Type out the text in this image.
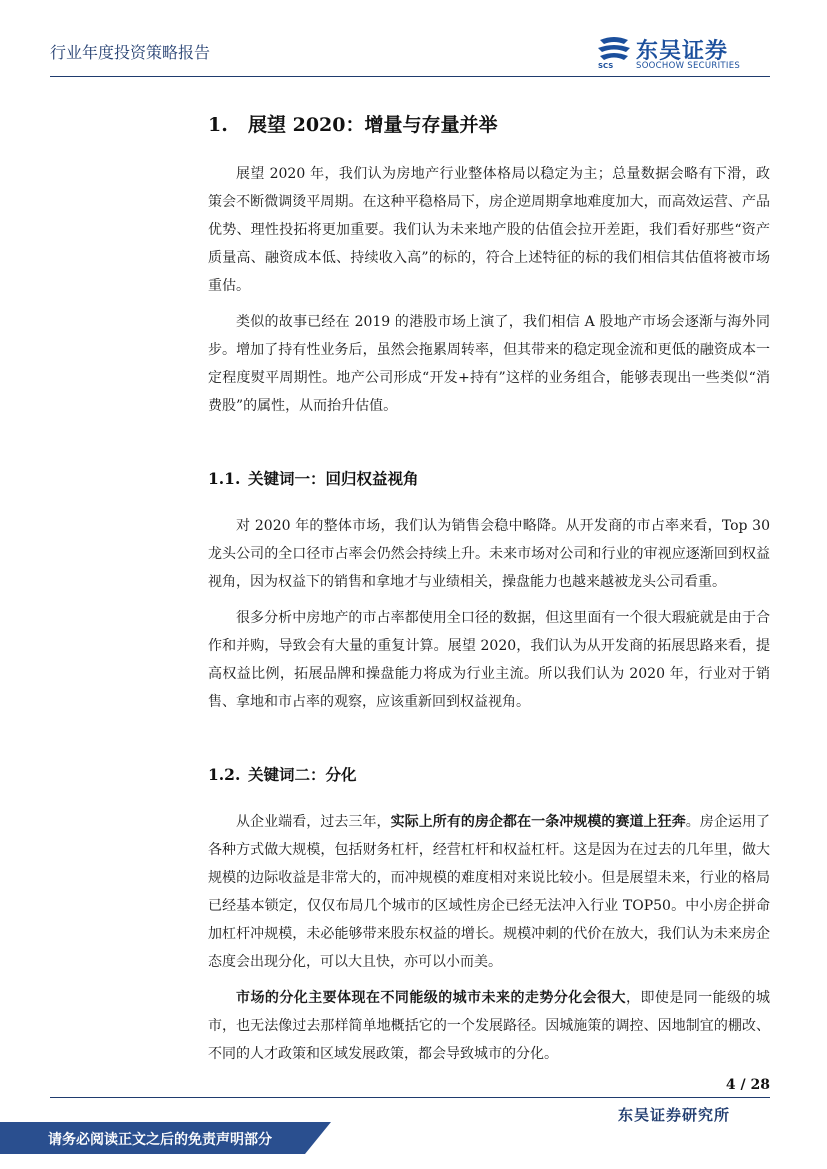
行业年度投资策略报告
SCS
东吴证券
SOOCHOW SECURITIES
1. 展望 2020：增量与存量并举

展望 2020 年，我们认为房地产行业整体格局以稳定为主；总量数据会略有下滑，政策会不断微调烫平周期。在这种平稳格局下，房企逆周期拿地难度加大，而高效运营、产品优势、理性投拓将更加重要。我们认为未来地产股的估值会拉开差距，我们看好那些“资产质量高、融资成本低、持续收入高”的标的，符合上述特征的标的我们相信其估值将被市场重估。

类似的故事已经在 2019 的港股市场上演了，我们相信 A 股地产市场会逐渐与海外同步。增加了持有性业务后，虽然会拖累周转率，但其带来的稳定现金流和更低的融资成本一定程度熨平周期性。地产公司形成“开发+持有”这样的业务组合，能够表现出一些类似“消费股”的属性，从而抬升估值。

1.1. 关键词一：回归权益视角

对 2020 年的整体市场，我们认为销售会稳中略降。从开发商的市占率来看，Top 30 龙头公司的全口径市占率会仍然会持续上升。未来市场对公司和行业的审视应逐渐回到权益视角，因为权益下的销售和拿地才与业绩相关，操盘能力也越来越被龙头公司看重。

很多分析中房地产的市占率都使用全口径的数据，但这里面有一个很大瑕疵就是由于合作和并购，导致会有大量的重复计算。展望 2020，我们认为从开发商的拓展思路来看，提高权益比例，拓展品牌和操盘能力将成为行业主流。所以我们认为 2020 年，行业对于销售、拿地和市占率的观察，应该重新回到权益视角。

1.2. 关键词二：分化

从企业端看，过去三年，实际上所有的房企都在一条冲规模的赛道上狂奔。房企运用了各种方式做大规模，包括财务杠杆，经营杠杆和权益杠杆。这是因为在过去的几年里，做大规模的边际收益是非常大的，而冲规模的难度相对来说比较小。但是展望未来，行业的格局已经基本锁定，仅仅布局几个城市的区域性房企已经无法冲入行业 TOP50。中小房企拼命加杠杆冲规模，未必能够带来股东权益的增长。规模冲刺的代价在放大，我们认为未来房企态度会出现分化，可以大且快，亦可以小而美。

市场的分化主要体现在不同能级的城市未来的走势分化会很大，即使是同一能级的城市，也无法像过去那样简单地概括它的一个发展路径。因城施策的调控、因地制宜的棚改、不同的人才政策和区域发展政策，都会导致城市的分化。

4 / 28
东吴证券研究所
请务必阅读正文之后的免责声明部分
